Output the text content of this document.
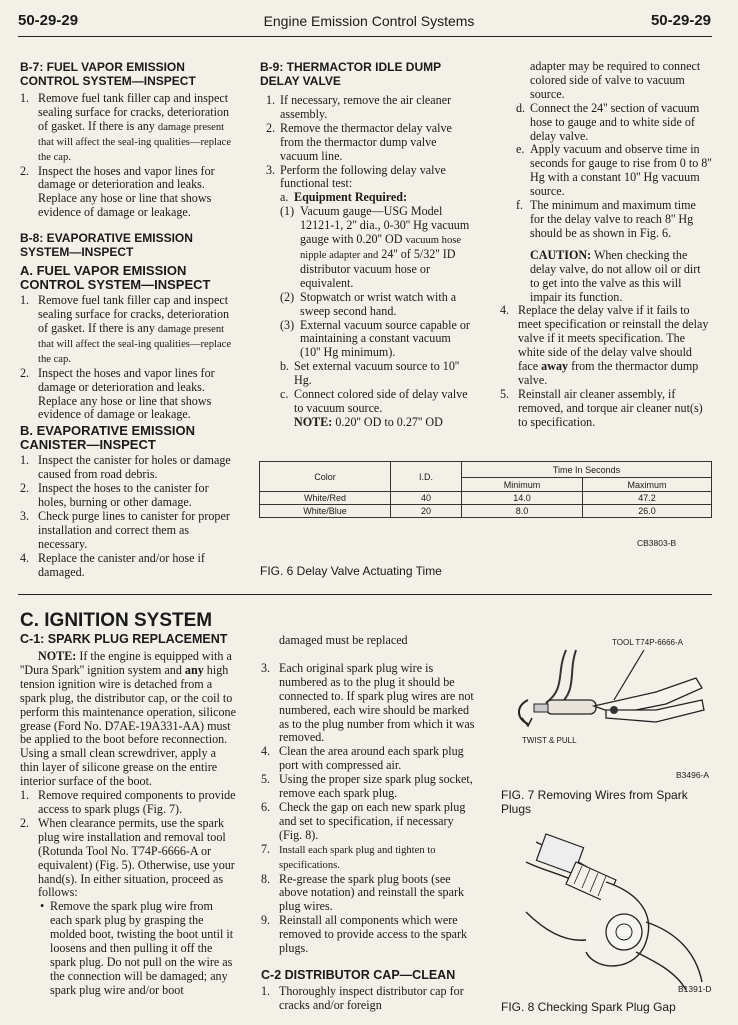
50-29-29	Engine Emission Control Systems	50-29-29

B-7: FUEL VAPOR EMISSION CONTROL SYSTEM—INSPECT

1. Remove fuel tank filler cap and inspect sealing surface for cracks, deterioration of gasket. If there is any damage present that will affect the seal-ing qualities—replace the cap.
2. Inspect the hoses and vapor lines for damage or deterioration and leaks. Replace any hose or line that shows evidence of damage or leakage.

B-8: EVAPORATIVE EMISSION SYSTEM—INSPECT

A. FUEL VAPOR EMISSION CONTROL SYSTEM—INSPECT

1. Remove fuel tank filler cap and inspect sealing surface for cracks, deterioration of gasket. If there is any damage present that will affect the seal-ing qualities—replace the cap.
2. Inspect the hoses and vapor lines for damage or deterioration and leaks. Replace any hose or line that shows evidence of damage or leakage.

B. EVAPORATIVE EMISSION CANISTER—INSPECT

1. Inspect the canister for holes or damage caused from road debris.
2. Inspect the hoses to the canister for holes, burning or other damage.
3. Check purge lines to canister for proper installation and correct them as necessary.
4. Replace the canister and/or hose if damaged.

B-9: THERMACTOR IDLE DUMP DELAY VALVE

1. If necessary, remove the air cleaner assembly.
2. Remove the thermactor delay valve from the thermactor dump valve vacuum line.
3. Perform the following delay valve functional test:
a. Equipment Required:
(1) Vacuum gauge—USG Model 12121-1, 2'' dia., 0-30'' Hg vacuum gauge with 0.20'' OD vacuum hose nipple adapter and 24'' of 5/32'' ID distributor vacuum hose or equivalent.
(2) Stopwatch or wrist watch with a sweep second hand.
(3) External vacuum source capable or maintaining a constant vacuum (10'' Hg minimum).
b. Set external vacuum source to 10'' Hg.
c. Connect colored side of delay valve to vacuum source.
NOTE: 0.20'' OD to 0.27'' OD
adapter may be required to connect colored side of valve to vacuum source.
d. Connect the 24'' section of vacuum hose to gauge and to white side of delay valve.
e. Apply vacuum and observe time in seconds for gauge to rise from 0 to 8'' Hg with a constant 10'' Hg vacuum source.
f. The minimum and maximum time for the delay valve to reach 8'' Hg should be as shown in Fig. 6.
CAUTION: When checking the delay valve, do not allow oil or dirt to get into the valve as this will impair its function.
4. Replace the delay valve if it fails to meet specification or reinstall the delay valve if it meets specification. The white side of the delay valve should face away from the thermactor dump valve.
5. Reinstall air cleaner assembly, if removed, and torque air cleaner nut(s) to specification.
Color	I.D.	Time In Seconds	
		Minimum	Maximum
White/Red	40	14.0	47.2
White/Blue	20	8.0	26.0
CB3803-B
FIG. 6 Delay Valve Actuating Time
C. IGNITION SYSTEM

C-1: SPARK PLUG REPLACEMENT

NOTE: If the engine is equipped with a ''Dura Spark'' ignition system and any high tension ignition wire is detached from a spark plug, the distributor cap, or the coil to perform this maintenance operation, silicone grease (Ford No. D7AE-19A331-AA) must be applied to the boot before reconnection. Using a small clean screwdriver, apply a thin layer of silicone grease on the entire interior surface of the boot.
1. Remove required components to provide access to spark plugs (Fig. 7).
2. When clearance permits, use the spark plug wire installation and removal tool (Rotunda Tool No. T74P-6666-A or equivalent) (Fig. 5). Otherwise, use your hand(s). In either situation, proceed as follows:
• Remove the spark plug wire from each spark plug by grasping the molded boot, twisting the boot until it loosens and then pulling it off the spark plug. Do not pull on the wire as the connection will be damaged; any spark plug wire and/or boot
damaged must be replaced
3. Each original spark plug wire is numbered as to the plug it should be connected to. If spark plug wires are not numbered, each wire should be marked as to the plug number from which it was removed.
4. Clean the area around each spark plug port with compressed air.
5. Using the proper size spark plug socket, remove each spark plug.
6. Check the gap on each new spark plug and set to specification, if necessary (Fig. 8).
7. Install each spark plug and tighten to specifications.
8. Re-grease the spark plug boots (see above notation) and reinstall the spark plug wires.
9. Reinstall all components which were removed to provide access to the spark plugs.

C-2 DISTRIBUTOR CAP—CLEAN

1. Thoroughly inspect distributor cap for cracks and/or foreign
TOOL T74P-6666-A
TWIST & PULL
B3496-A
FIG. 7 Removing Wires from Spark Plugs
B1391-D
FIG. 8 Checking Spark Plug Gap
